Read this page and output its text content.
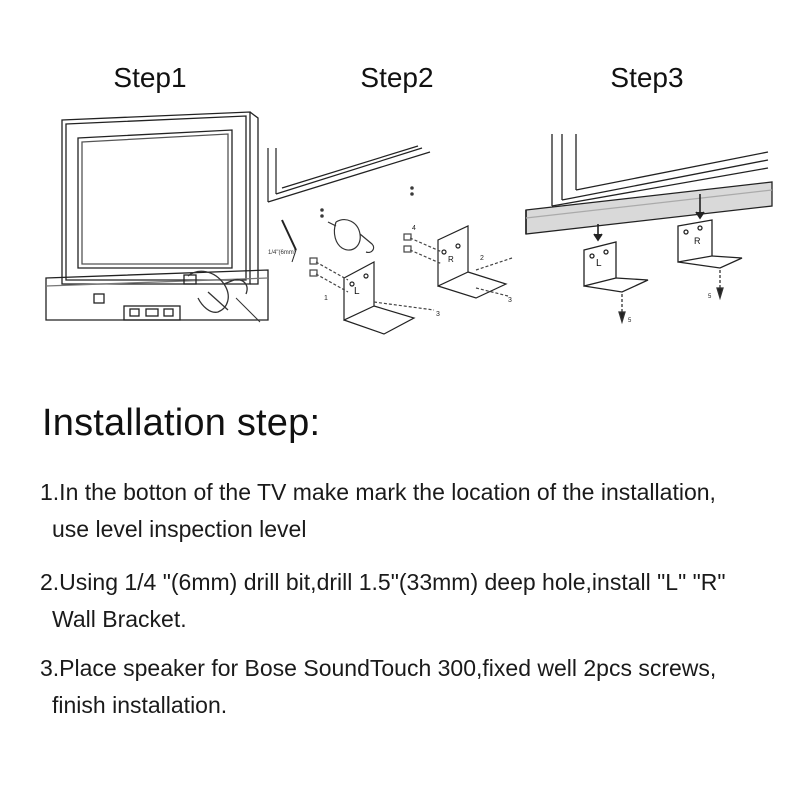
Step1	Step2	Step3
1/4"(6mm)
L
R
1
2
3
3
4
L
R
5
5
Installation step:
1.In the botton of the TV make mark the location of the installation,
use level inspection level
2.Using 1/4 "(6mm) drill bit,drill 1.5"(33mm) deep hole,install "L" "R"
Wall Bracket.
3.Place speaker for Bose SoundTouch 300,fixed well 2pcs screws,
finish installation.
